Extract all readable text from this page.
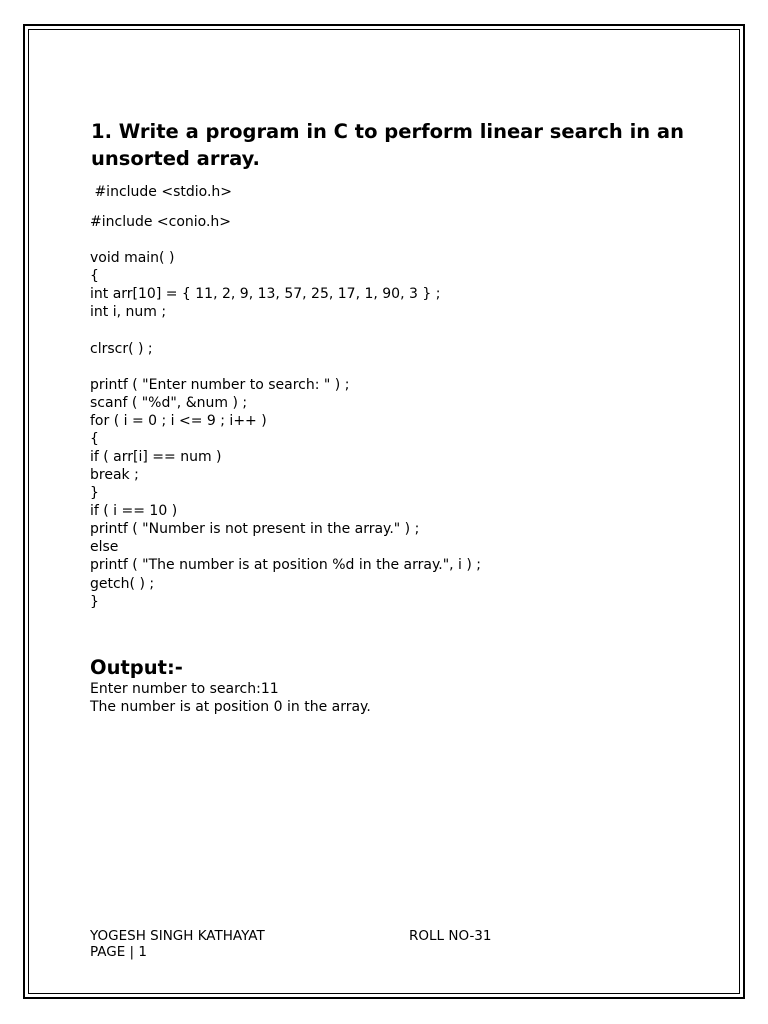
1. Write a program in C to perform linear search in an unsorted array.

#include <stdio.h>

#include <conio.h>

void main( )

{

int arr[10] = { 11, 2, 9, 13, 57, 25, 17, 1, 90, 3 } ;

int i, num ;

clrscr( ) ;

printf ( "Enter number to search: " ) ;

scanf ( "%d", &num ) ;

for ( i = 0 ; i <= 9 ; i++ )

{

if ( arr[i] == num )

break ;

}

if ( i == 10 )

printf ( "Number is not present in the array." ) ;

else

printf ( "The number is at position %d in the array.", i ) ;

getch( ) ;

}

Output:-

Enter number to search:11

The number is at position 0 in the array.

YOGESH SINGH KATHAYAT	ROLL NO-31

PAGE | 1
